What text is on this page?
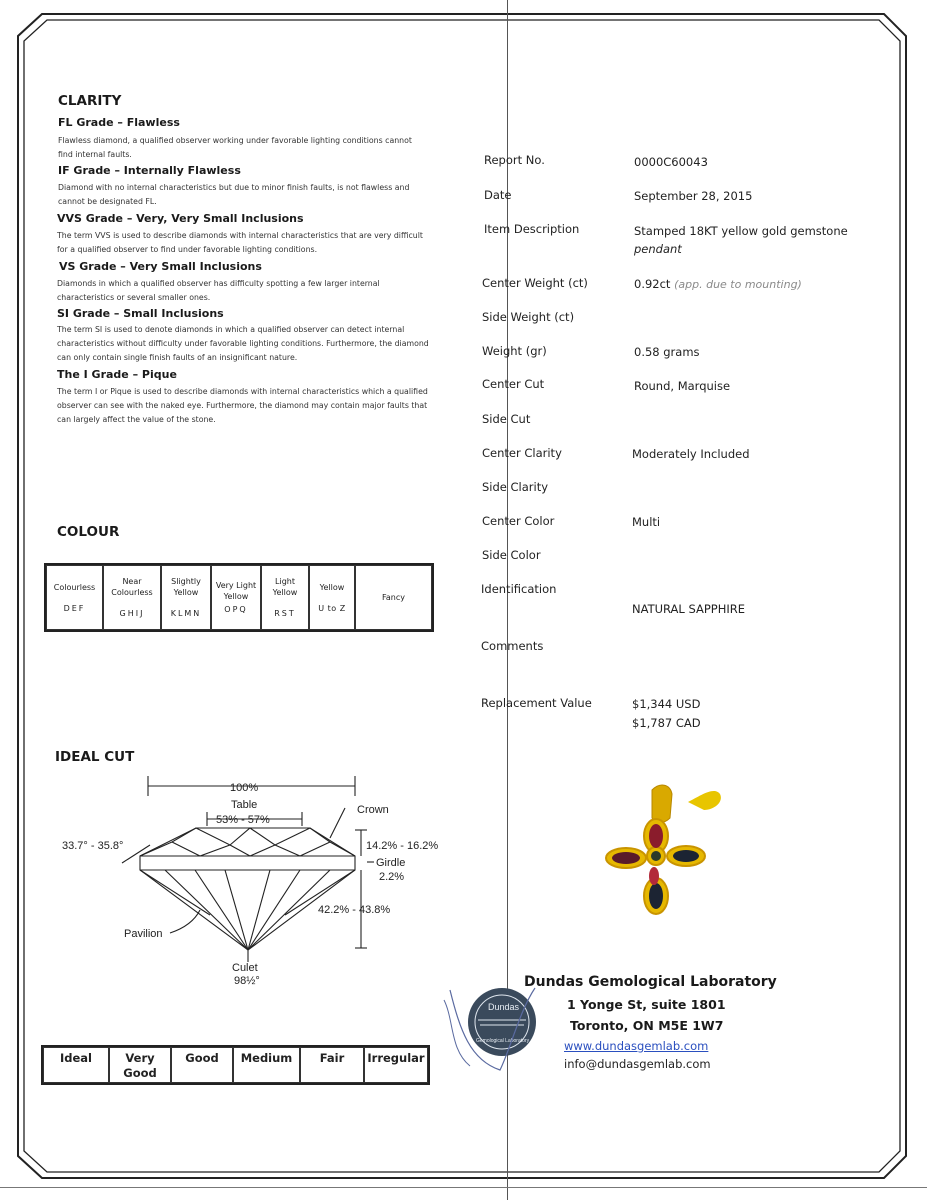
CLARITY
FL Grade – Flawless
Flawless diamond, a qualified observer working under favorable lighting conditions cannot find internal faults.
IF Grade – Internally Flawless
Diamond with no internal characteristics but due to minor finish faults, is not flawless and cannot be designated FL.
VVS Grade – Very, Very Small Inclusions
The term VVS is used to describe diamonds with internal characteristics that are very difficult for a qualified observer to find under favorable lighting conditions.
VS Grade – Very Small Inclusions
Diamonds in which a qualified observer has difficulty spotting a few larger internal characteristics or several smaller ones.
SI Grade – Small Inclusions
The term SI is used to denote diamonds in which a qualified observer can detect internal characteristics without difficulty under favorable lighting conditions. Furthermore, the diamond can only contain single finish faults of an insignificant nature.
The I Grade – Pique
The term I or Pique is used to describe diamonds with internal characteristics which a qualified observer can see with the naked eye. Furthermore, the diamond may contain major faults that can largely affect the value of the stone.
COLOUR
Colourless
DEF
	Near Colourless
GHIJ
	Slightly Yellow
KLMN
	Very Light Yellow
OPQ
	Light Yellow
RST
	Yellow
U to Z
	Fancy
IDEAL CUT
100%
Table
53% - 57%
Crown
33.7° - 35.8°	14.2% - 16.2%
Girdle
2.2%
42.2% - 43.8%
Pavilion
Culet
98½°
Ideal	Very Good	Good	Medium	Fair	Irregular
Report No.	0000C60043
Date	September 28, 2015
Item Description	Stamped 18KT yellow gold gemstone
pendant
Center Weight (ct)	0.92ct (app. due to mounting)
Side Weight (ct)
Weight (gr)	0.58 grams
Center Cut	Round, Marquise
Side Cut
Center Clarity	Moderately Included
Side Clarity
Center Color	Multi
Side Color
Identification
NATURAL SAPPHIRE
Comments
Replacement Value	$1,344 USD
$1,787 CAD
Dundas
Gemological Laboratory
Dundas Gemological Laboratory
1 Yonge St, suite 1801
Toronto, ON M5E 1W7
www.dundasgemlab.com
info@dundasgemlab.com
